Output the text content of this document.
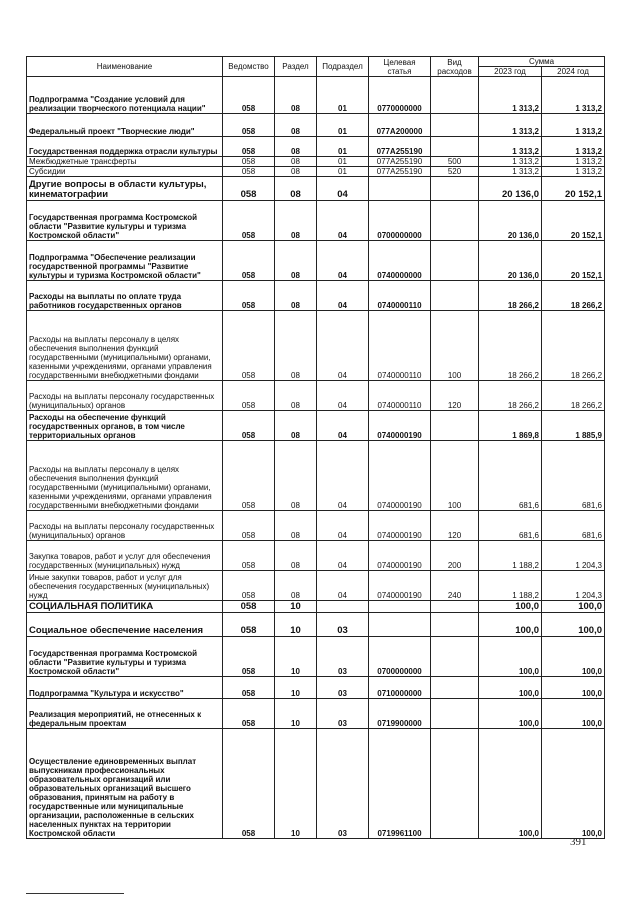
Наименование	Ведомство	Раздел	Подраздел	Целевая статья	Вид расходов	Сумма	
						2023 год	2024 год
Подпрограмма "Создание условий для реализации творческого потенциала нации"	058	08	01	0770000000		1 313,2	1 313,2
Федеральный проект "Творческие люди"	058	08	01	077А200000		1 313,2	1 313,2
Государственная поддержка отрасли культуры	058	08	01	077А255190		1 313,2	1 313,2
Межбюджетные трансферты	058	08	01	077А255190	500	1 313,2	1 313,2
Субсидии	058	08	01	077А255190	520	1 313,2	1 313,2
Другие вопросы в области культуры, кинематографии	058	08	04			20 136,0	20 152,1
Государственная программа Костромской области "Развитие культуры и туризма Костромской области"	058	08	04	0700000000		20 136,0	20 152,1
Подпрограмма "Обеспечение реализации государственной программы "Развитие культуры и туризма Костромской области"	058	08	04	0740000000		20 136,0	20 152,1
Расходы на выплаты по оплате труда работников государственных органов	058	08	04	0740000110		18 266,2	18 266,2
Расходы на выплаты персоналу в целях обеспечения выполнения функций государственными (муниципальными) органами, казенными учреждениями, органами управления государственными внебюджетными фондами	058	08	04	0740000110	100	18 266,2	18 266,2
Расходы на выплаты персоналу государственных (муниципальных) органов	058	08	04	0740000110	120	18 266,2	18 266,2
Расходы на обеспечение функций государственных органов, в том числе территориальных органов	058	08	04	0740000190		1 869,8	1 885,9
Расходы на выплаты персоналу в целях обеспечения выполнения функций государственными (муниципальными) органами, казенными учреждениями, органами управления государственными внебюджетными фондами	058	08	04	0740000190	100	681,6	681,6
Расходы на выплаты персоналу государственных (муниципальных) органов	058	08	04	0740000190	120	681,6	681,6
Закупка товаров, работ и услуг для обеспечения государственных (муниципальных) нужд	058	08	04	0740000190	200	1 188,2	1 204,3
Иные закупки товаров, работ и услуг для обеспечения государственных (муниципальных) нужд	058	08	04	0740000190	240	1 188,2	1 204,3
СОЦИАЛЬНАЯ ПОЛИТИКА	058	10				100,0	100,0
Социальное обеспечение населения	058	10	03			100,0	100,0
Государственная программа Костромской области "Развитие культуры и туризма Костромской области"	058	10	03	0700000000		100,0	100,0
Подпрограмма "Культура и искусство"	058	10	03	0710000000		100,0	100,0
Реализация мероприятий, не отнесенных к федеральным проектам	058	10	03	0719900000		100,0	100,0
Осуществление единовременных выплат выпускникам профессиональных образовательных организаций или образовательных организаций высшего образования, принятым на работу в государственные или муниципальные организации, расположенные в сельских населенных пунктах на территории Костромской области	058	10	03	0719961100		100,0	100,0
391
